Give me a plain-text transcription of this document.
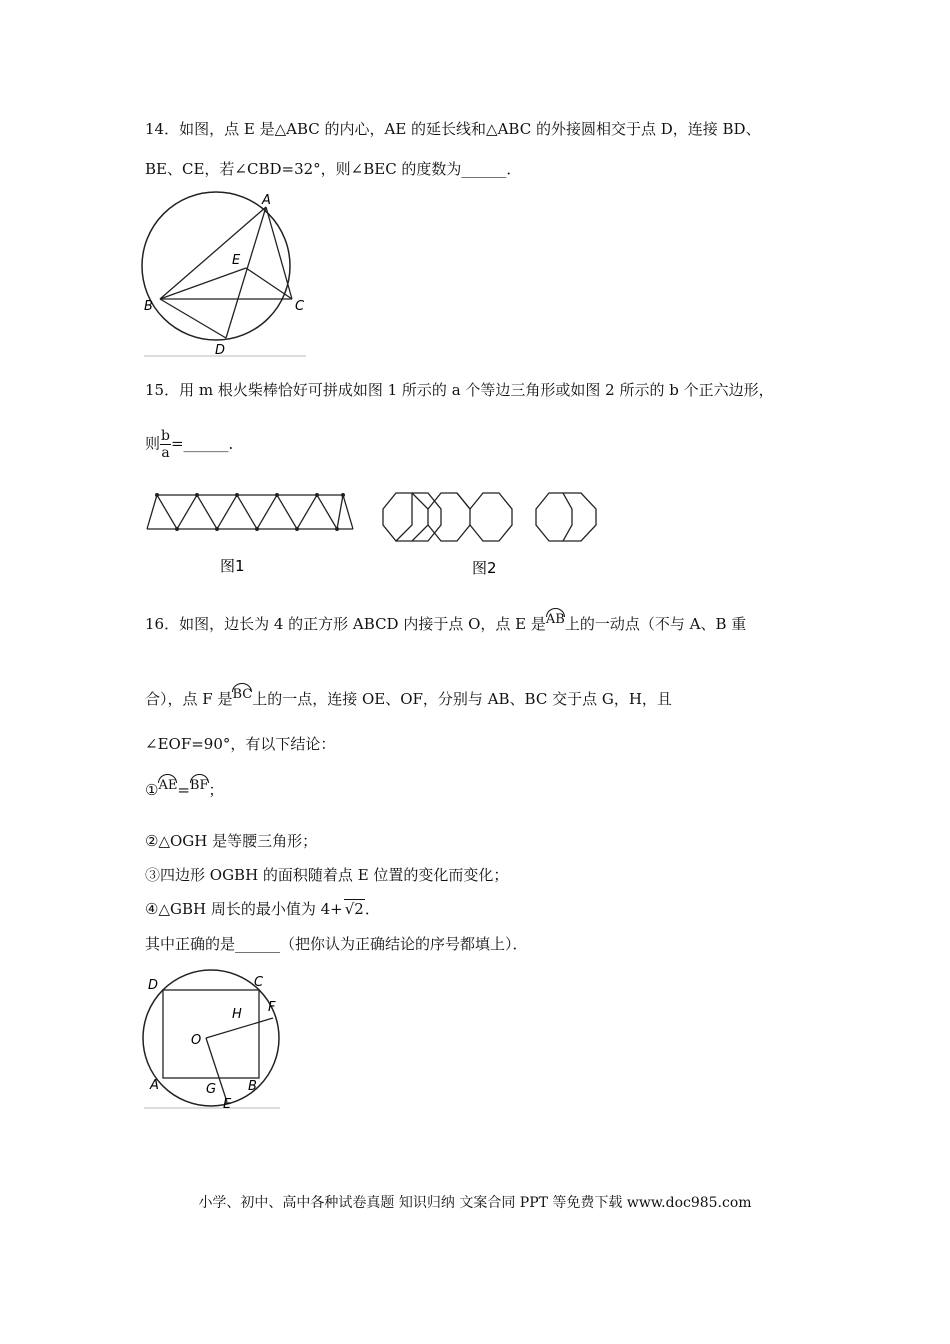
14．如图，点 E 是△ABC 的内心，AE 的延长线和△ABC 的外接圆相交于点 D，连接 BD、
BE、CE，若∠CBD=32°，则∠BEC 的度数为______．
A
B	C
D
E
15．用 m 根火柴棒恰好可拼成如图 1 所示的 a 个等边三角形或如图 2 所示的 b 个正六边形，
则 $\frac{b}{a}$ =______．
图1	图2
16．如图，边长为 4 的正方形 ABCD 内接于点 O，点 E 是AB上的一动点（不与 A、B 重
合），点 F 是BC上的一点，连接 OE、OF，分别与 AB、BC 交于点 G，H，且
∠EOF=90°，有以下结论：
①AE=BF；
②△OGH 是等腰三角形；
③四边形 OGBH 的面积随着点 E 位置的变化而变化；
④△GBH 周长的最小值为 4+ √2．
其中正确的是______（把你认为正确结论的序号都填上）．
D	C
H F
O
A	G B
E
小学、初中、高中各种试卷真题 知识归纳 文案合同 PPT 等免费下载 www.doc985.com
